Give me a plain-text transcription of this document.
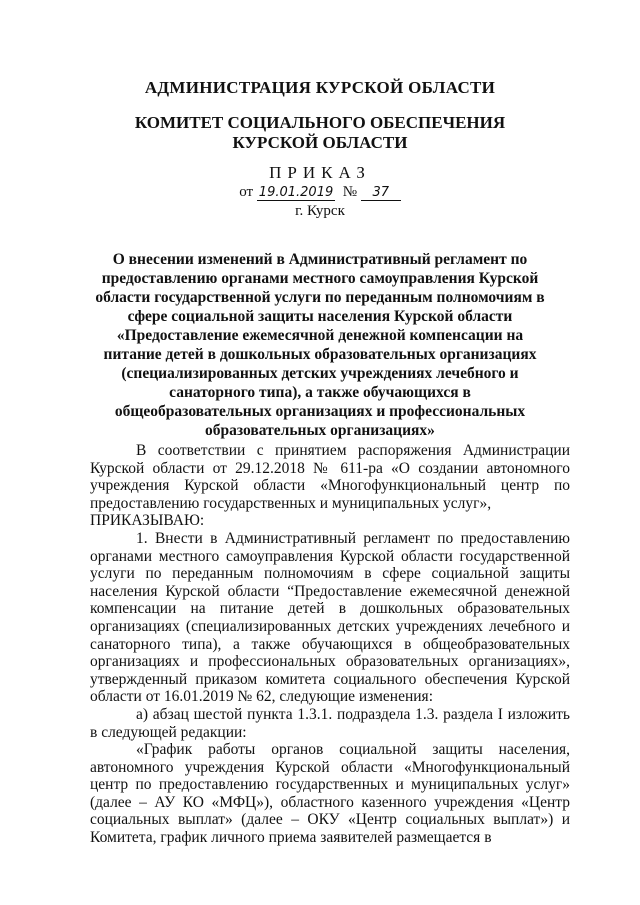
АДМИНИСТРАЦИЯ КУРСКОЙ ОБЛАСТИ
КОМИТЕТ СОЦИАЛЬНОГО ОБЕСПЕЧЕНИЯ
КУРСКОЙ ОБЛАСТИ
ПРИКАЗ
от 19.01.2019 № 37
г. Курск
О внесении изменений в Административный регламент по предоставлению органами местного самоуправления Курской области государственной услуги по переданным полномочиям в сфере социальной защиты населения Курской области «Предоставление ежемесячной денежной компенсации на питание детей в дошкольных образовательных организациях (специализированных детских учреждениях лечебного и санаторного типа), а также обучающихся в общеобразовательных организациях и профессиональных образовательных организациях»

В соответствии с принятием распоряжения Администрации Курской области от 29.12.2018 № 611-ра «О создании автономного учреждения Курской области «Многофункциональный центр по предоставлению государственных и муниципальных услуг»,

ПРИКАЗЫВАЮ:

1. Внести в Административный регламент по предоставлению органами местного самоуправления Курской области государственной услуги по переданным полномочиям в сфере социальной защиты населения Курской области “Предоставление ежемесячной денежной компенсации на питание детей в дошкольных образовательных организациях (специализированных детских учреждениях лечебного и санаторного типа), а также обучающихся в общеобразовательных организациях и профессиональных образовательных организациях», утвержденный приказом комитета социального обеспечения Курской области от 16.01.2019 № 62, следующие изменения:

а) абзац шестой пункта 1.3.1. подраздела 1.3. раздела I изложить в следующей редакции:

«График работы органов социальной защиты населения, автономного учреждения Курской области «Многофункциональный центр по предоставлению государственных и муниципальных услуг» (далее – АУ КО «МФЦ»), областного казенного учреждения «Центр социальных выплат» (далее – ОКУ «Центр социальных выплат») и Комитета, график личного приема заявителей размещается в
